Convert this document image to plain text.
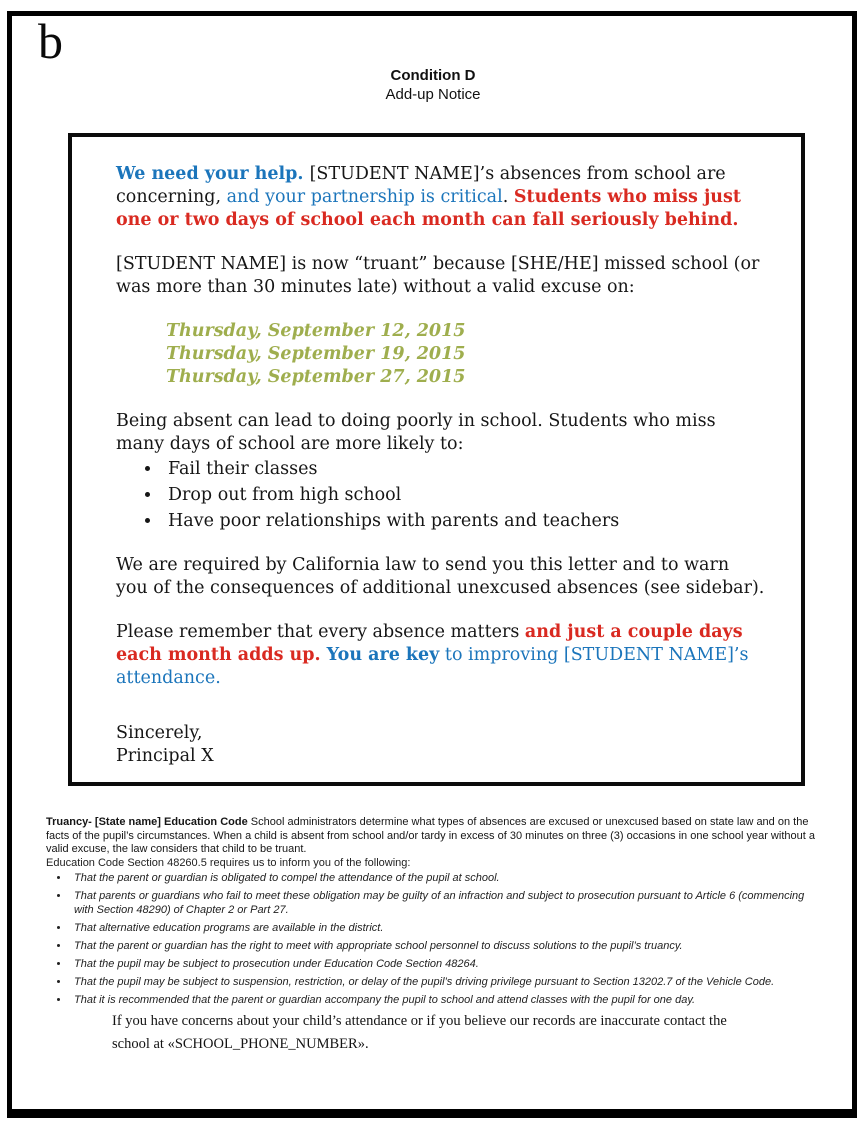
b
Condition D
Add-up Notice

We need your help. [STUDENT NAME]’s absences from school are concerning, and your partnership is critical. Students who miss just one or two days of school each month can fall seriously behind.

[STUDENT NAME] is now “truant” because [SHE/HE] missed school (or was more than 30 minutes late) without a valid excuse on:

Thursday, September 12, 2015
Thursday, September 19, 2015
Thursday, September 27, 2015

Being absent can lead to doing poorly in school. Students who miss many days of school are more likely to:

• Fail their classes
• Drop out from high school
• Have poor relationships with parents and teachers

We are required by California law to send you this letter and to warn you of the consequences of additional unexcused absences (see sidebar).

Please remember that every absence matters and just a couple days each month adds up. You are key to improving [STUDENT NAME]’s attendance.

Sincerely,
Principal X

Truancy- [State name] Education Code School administrators determine what types of absences are excused or unexcused based on state law and on the facts of the pupil’s circumstances. When a child is absent from school and/or tardy in excess of 30 minutes on three (3) occasions in one school year without a valid excuse, the law considers that child to be truant.

Education Code Section 48260.5 requires us to inform you of the following:

• That the parent or guardian is obligated to compel the attendance of the pupil at school.
• That parents or guardians who fail to meet these obligation may be guilty of an infraction and subject to prosecution pursuant to Article 6 (commencing with Section 48290) of Chapter 2 or Part 27.
• That alternative education programs are available in the district.
• That the parent or guardian has the right to meet with appropriate school personnel to discuss solutions to the pupil’s truancy.
• That the pupil may be subject to prosecution under Education Code Section 48264.
• That the pupil may be subject to suspension, restriction, or delay of the pupil’s driving privilege pursuant to Section 13202.7 of the Vehicle Code.
• That it is recommended that the parent or guardian accompany the pupil to school and attend classes with the pupil for one day.
If you have concerns about your child’s attendance or if you believe our records are inaccurate contact the
school at «SCHOOL_PHONE_NUMBER».
